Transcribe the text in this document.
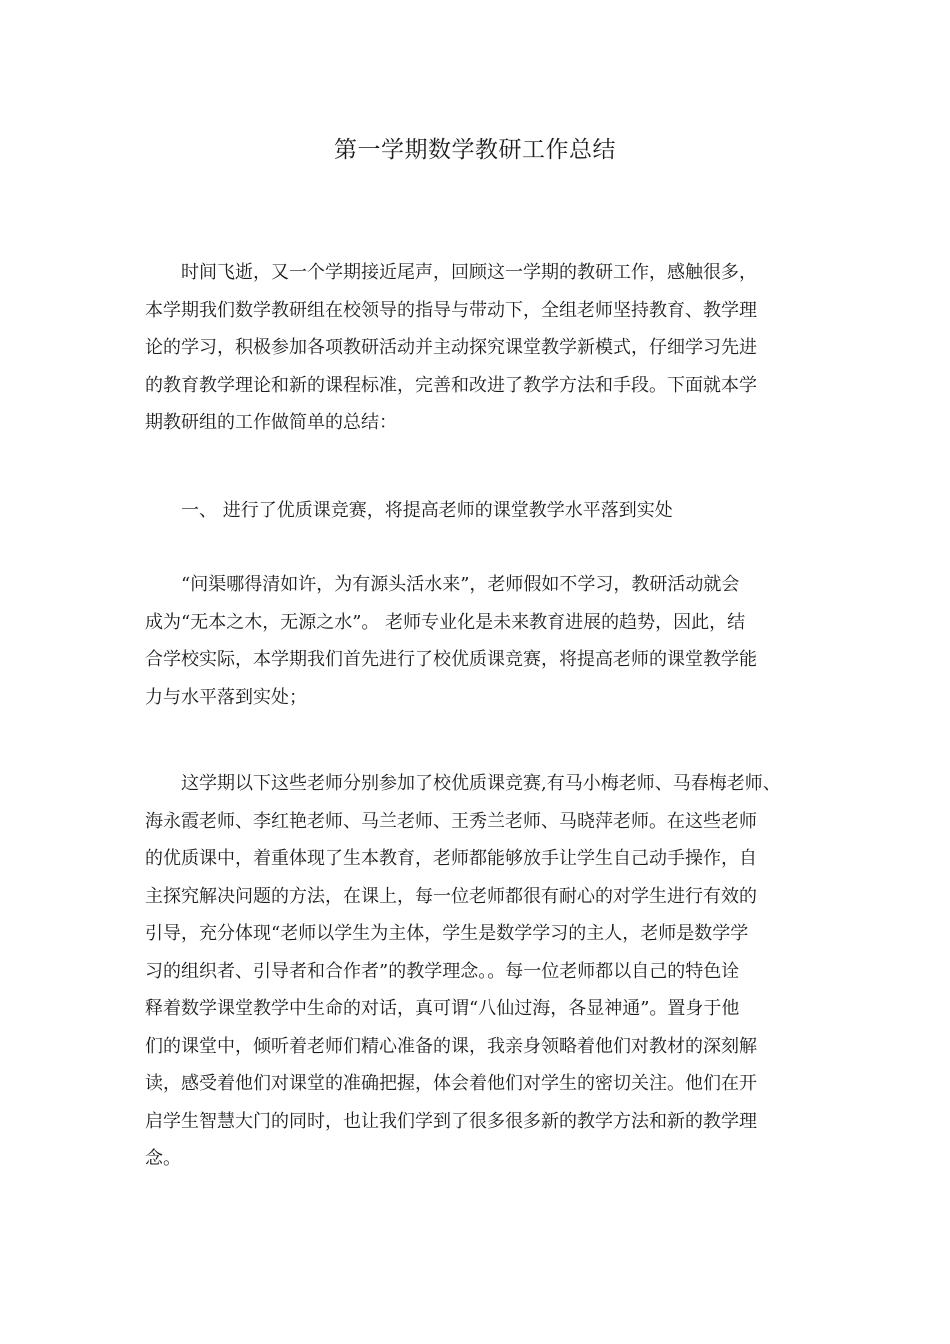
第一学期数学教研工作总结

时间飞逝，又一个学期接近尾声，回顾这一学期的教研工作，感触很多，
本学期我们数学教研组在校领导的指导与带动下，全组老师坚持教育、教学理
论的学习，积极参加各项教研活动并主动探究课堂教学新模式，仔细学习先进
的教育教学理论和新的课程标准，完善和改进了教学方法和手段。下面就本学
期教研组的工作做简单的总结：

一、 进行了优质课竞赛，将提高老师的课堂教学水平落到实处

“问渠哪得清如许，为有源头活水来”，老师假如不学习，教研活动就会
成为“无本之木，无源之水”。 老师专业化是未来教育进展的趋势，因此，结
合学校实际，本学期我们首先进行了校优质课竞赛，将提高老师的课堂教学能
力与水平落到实处；

这学期以下这些老师分别参加了校优质课竞赛,有马小梅老师、马春梅老师、
海永霞老师、李红艳老师、马兰老师、王秀兰老师、马晓萍老师。在这些老师
的优质课中，着重体现了生本教育，老师都能够放手让学生自己动手操作，自
主探究解决问题的方法，在课上，每一位老师都很有耐心的对学生进行有效的
引导，充分体现“老师以学生为主体，学生是数学学习的主人，老师是数学学
习的组织者、引导者和合作者”的教学理念。。每一位老师都以自己的特色诠
释着数学课堂教学中生命的对话，真可谓“八仙过海，各显神通”。置身于他
们的课堂中，倾听着老师们精心准备的课，我亲身领略着他们对教材的深刻解
读，感受着他们对课堂的准确把握，体会着他们对学生的密切关注。他们在开
启学生智慧大门的同时，也让我们学到了很多很多新的教学方法和新的教学理
念。
